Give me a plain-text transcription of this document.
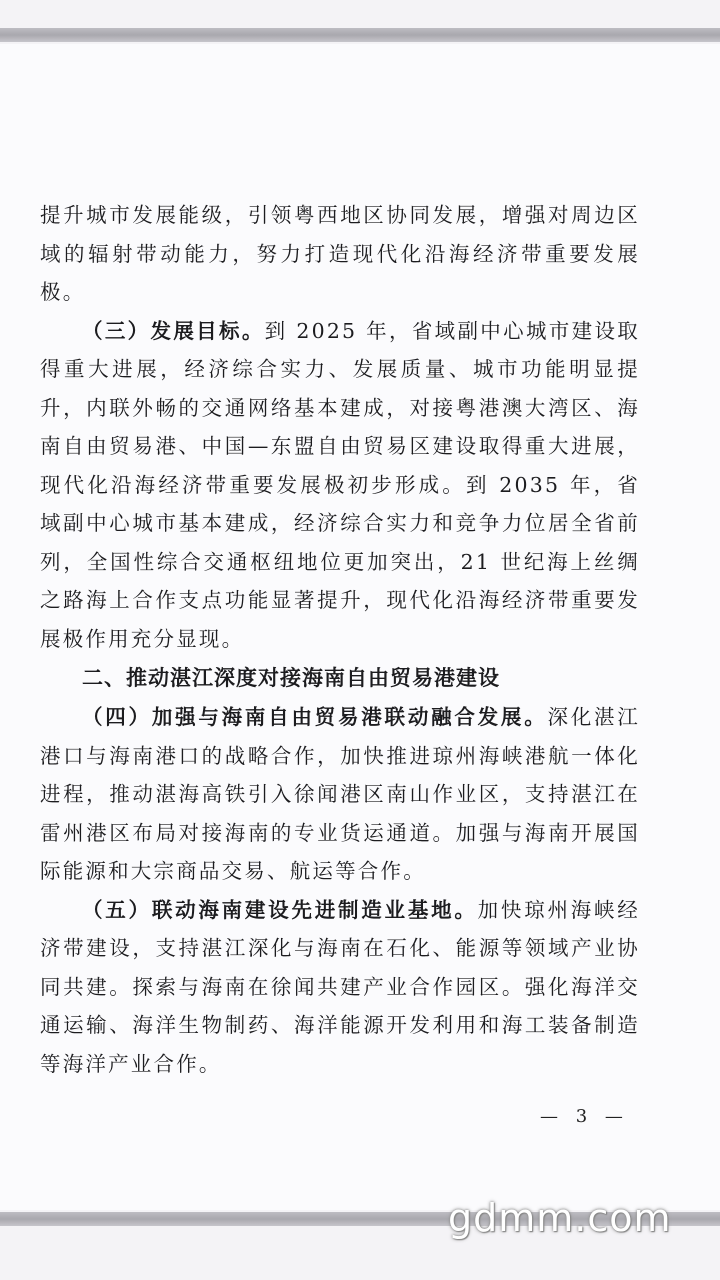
提升城市发展能级，引领粤西地区协同发展，增强对周边区域的辐射带动能力，努力打造现代化沿海经济带重要发展极。

（三）发展目标。到 2025 年，省域副中心城市建设取得重大进展，经济综合实力、发展质量、城市功能明显提升，内联外畅的交通网络基本建成，对接粤港澳大湾区、海南自由贸易港、中国—东盟自由贸易区建设取得重大进展，现代化沿海经济带重要发展极初步形成。到 2035 年，省域副中心城市基本建成，经济综合实力和竞争力位居全省前列，全国性综合交通枢纽地位更加突出，21 世纪海上丝绸之路海上合作支点功能显著提升，现代化沿海经济带重要发展极作用充分显现。

二、推动湛江深度对接海南自由贸易港建设

（四）加强与海南自由贸易港联动融合发展。深化湛江港口与海南港口的战略合作，加快推进琼州海峡港航一体化进程，推动湛海高铁引入徐闻港区南山作业区，支持湛江在雷州港区布局对接海南的专业货运通道。加强与海南开展国际能源和大宗商品交易、航运等合作。

（五）联动海南建设先进制造业基地。加快琼州海峡经济带建设，支持湛江深化与海南在石化、能源等领域产业协同共建。探索与海南在徐闻共建产业合作园区。强化海洋交通运输、海洋生物制药、海洋能源开发利用和海工装备制造等海洋产业合作。

— 3 —
gdmm.com
